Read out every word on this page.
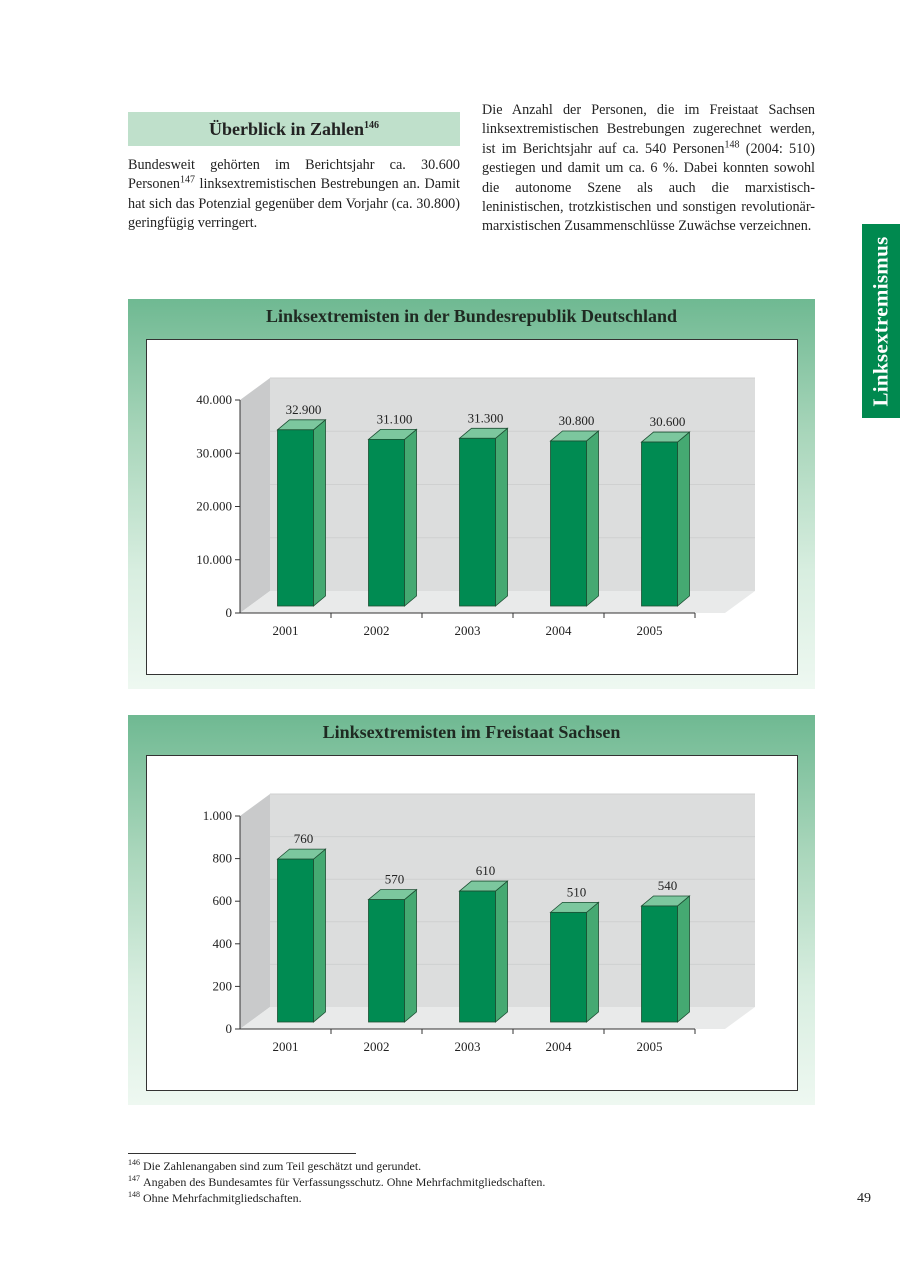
Überblick in Zahlen$^{146}$

Bundesweit gehörten im Berichtsjahr ca. 30.600 Personen$^{147}$ linksextremistischen Bestrebungen an. Damit hat sich das Potenzial gegenüber dem Vorjahr (ca. 30.800) geringfügig verringert.

Die Anzahl der Personen, die im Freistaat Sachsen linksextremistischen Bestrebungen zugerechnet werden, ist im Berichtsjahr auf ca. 540 Personen$^{148}$ (2004: 510) gestiegen und damit um ca. 6 %. Dabei konnten sowohl die autonome Szene als auch die marxistisch-leninistischen, trotzkistischen und sonstigen revolutionär-marxistischen Zusammenschlüsse Zuwächse verzeichnen.

Linksextremismus
Linksextremisten in der Bundesrepublik Deutschland
0
10.000
20.000
30.000
40.000
2001
32.900
2002
31.100
2003
31.300
2004
30.800
2005
30.600
Linksextremisten im Freistaat Sachsen
0
200
400
600
800
1.000
2001
760
2002
570
2003
610
2004
510
2005
540
$^{146}$ Die Zahlenangaben sind zum Teil geschätzt und gerundet.
$^{147}$ Angaben des Bundesamtes für Verfassungsschutz. Ohne Mehrfachmitgliedschaften.
$^{148}$ Ohne Mehrfachmitgliedschaften.	49
